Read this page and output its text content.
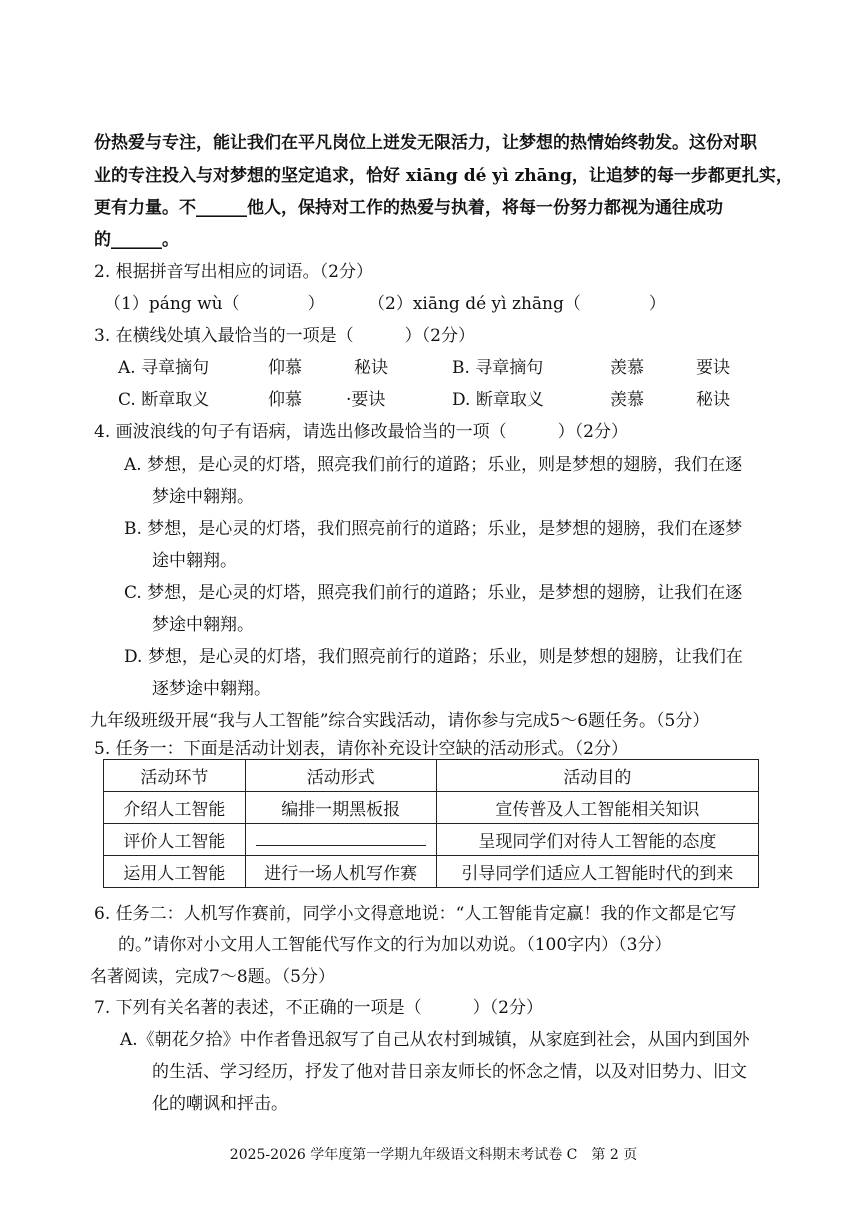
份热爱与专注，能让我们在平凡岗位上迸发无限活力，让梦想的热情始终勃发。这份对职
业的专注投入与对梦想的坚定追求，恰好 xiāng dé yì zhāng，让追梦的每一步都更扎实，
更有力量。不______他人，保持对工作的热爱与执着，将每一份努力都视为通往成功
的______。
2. 根据拼音写出相应的词语。（2分）
（1）páng wù（　　　　）	（2）xiāng dé yì zhāng（　　　　）
3. 在横线处填入最恰当的一项是（　　　）（2分）
A. 寻章摘句	仰慕	秘诀	B. 寻章摘句	羡慕	要诀
C. 断章取义	仰慕	·要诀	D. 断章取义	羡慕	秘诀
4. 画波浪线的句子有语病，请选出修改最恰当的一项（　　　）（2分）
A. 梦想，是心灵的灯塔，照亮我们前行的道路；乐业，则是梦想的翅膀，我们在逐
梦途中翱翔。
B. 梦想，是心灵的灯塔，我们照亮前行的道路；乐业，是梦想的翅膀，我们在逐梦
途中翱翔。
C. 梦想，是心灵的灯塔，照亮我们前行的道路；乐业，是梦想的翅膀，让我们在逐
梦途中翱翔。
D. 梦想，是心灵的灯塔，我们照亮前行的道路；乐业，则是梦想的翅膀，让我们在
逐梦途中翱翔。
九年级班级开展“我与人工智能”综合实践活动，请你参与完成5～6题任务。（5分）
5. 任务一：下面是活动计划表，请你补充设计空缺的活动形式。（2分）
活动环节	活动形式	活动目的
介绍人工智能	编排一期黑板报	宣传普及人工智能相关知识
评价人工智能		呈现同学们对待人工智能的态度
运用人工智能	进行一场人机写作赛	引导同学们适应人工智能时代的到来
6. 任务二：人机写作赛前，同学小文得意地说：“人工智能肯定赢！我的作文都是它写
的。”请你对小文用人工智能代写作文的行为加以劝说。（100字内）（3分）
名著阅读，完成7～8题。（5分）
7. 下列有关名著的表述，不正确的一项是（　　　）（2分）
A.《朝花夕拾》中作者鲁迅叙写了自己从农村到城镇，从家庭到社会，从国内到国外
的生活、学习经历，抒发了他对昔日亲友师长的怀念之情，以及对旧势力、旧文
化的嘲讽和抨击。
2025-2026 学年度第一学期九年级语文科期末考试卷 C　第 2 页
